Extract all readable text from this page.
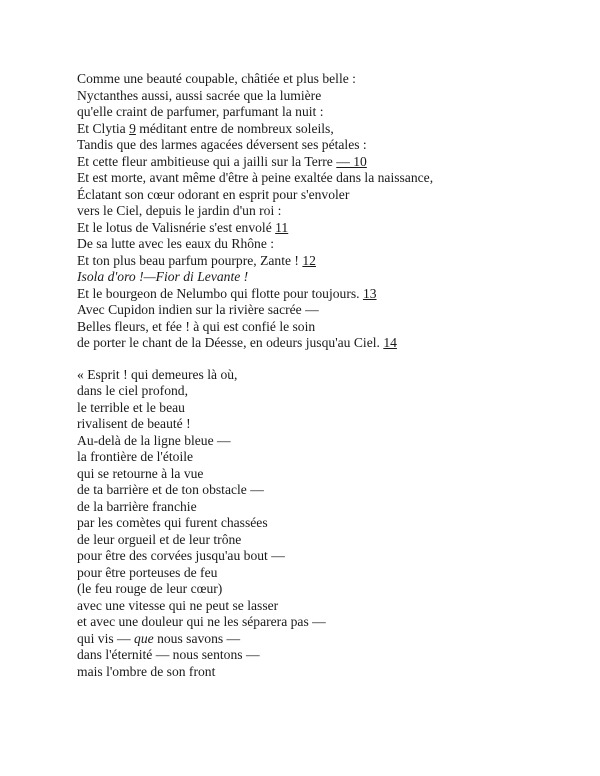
Comme une beauté coupable, châtiée et plus belle :
Nyctanthes aussi, aussi sacrée que la lumière
qu'elle craint de parfumer, parfumant la nuit :
Et Clytia 9 méditant entre de nombreux soleils,
Tandis que des larmes agacées déversent ses pétales :
Et cette fleur ambitieuse qui a jailli sur la Terre — 10
Et est morte, avant même d'être à peine exaltée dans la naissance,
Éclatant son cœur odorant en esprit pour s'envoler
vers le Ciel, depuis le jardin d'un roi :
Et le lotus de Valisnérie s'est envolé 11
De sa lutte avec les eaux du Rhône :
Et ton plus beau parfum pourpre, Zante ! 12
Isola d'oro !—Fior di Levante !
Et le bourgeon de Nelumbo qui flotte pour toujours. 13
Avec Cupidon indien sur la rivière sacrée —
Belles fleurs, et fée ! à qui est confié le soin
de porter le chant de la Déesse, en odeurs jusqu'au Ciel. 14
« Esprit ! qui demeures là où,
dans le ciel profond,
le terrible et le beau
rivalisent de beauté !
Au-delà de la ligne bleue —
la frontière de l'étoile
qui se retourne à la vue
de ta barrière et de ton obstacle —
de la barrière franchie
par les comètes qui furent chassées
de leur orgueil et de leur trône
pour être des corvées jusqu'au bout —
pour être porteuses de feu
(le feu rouge de leur cœur)
avec une vitesse qui ne peut se lasser
et avec une douleur qui ne les séparera pas —
qui vis — que nous savons —
dans l'éternité — nous sentons —
mais l'ombre de son front
